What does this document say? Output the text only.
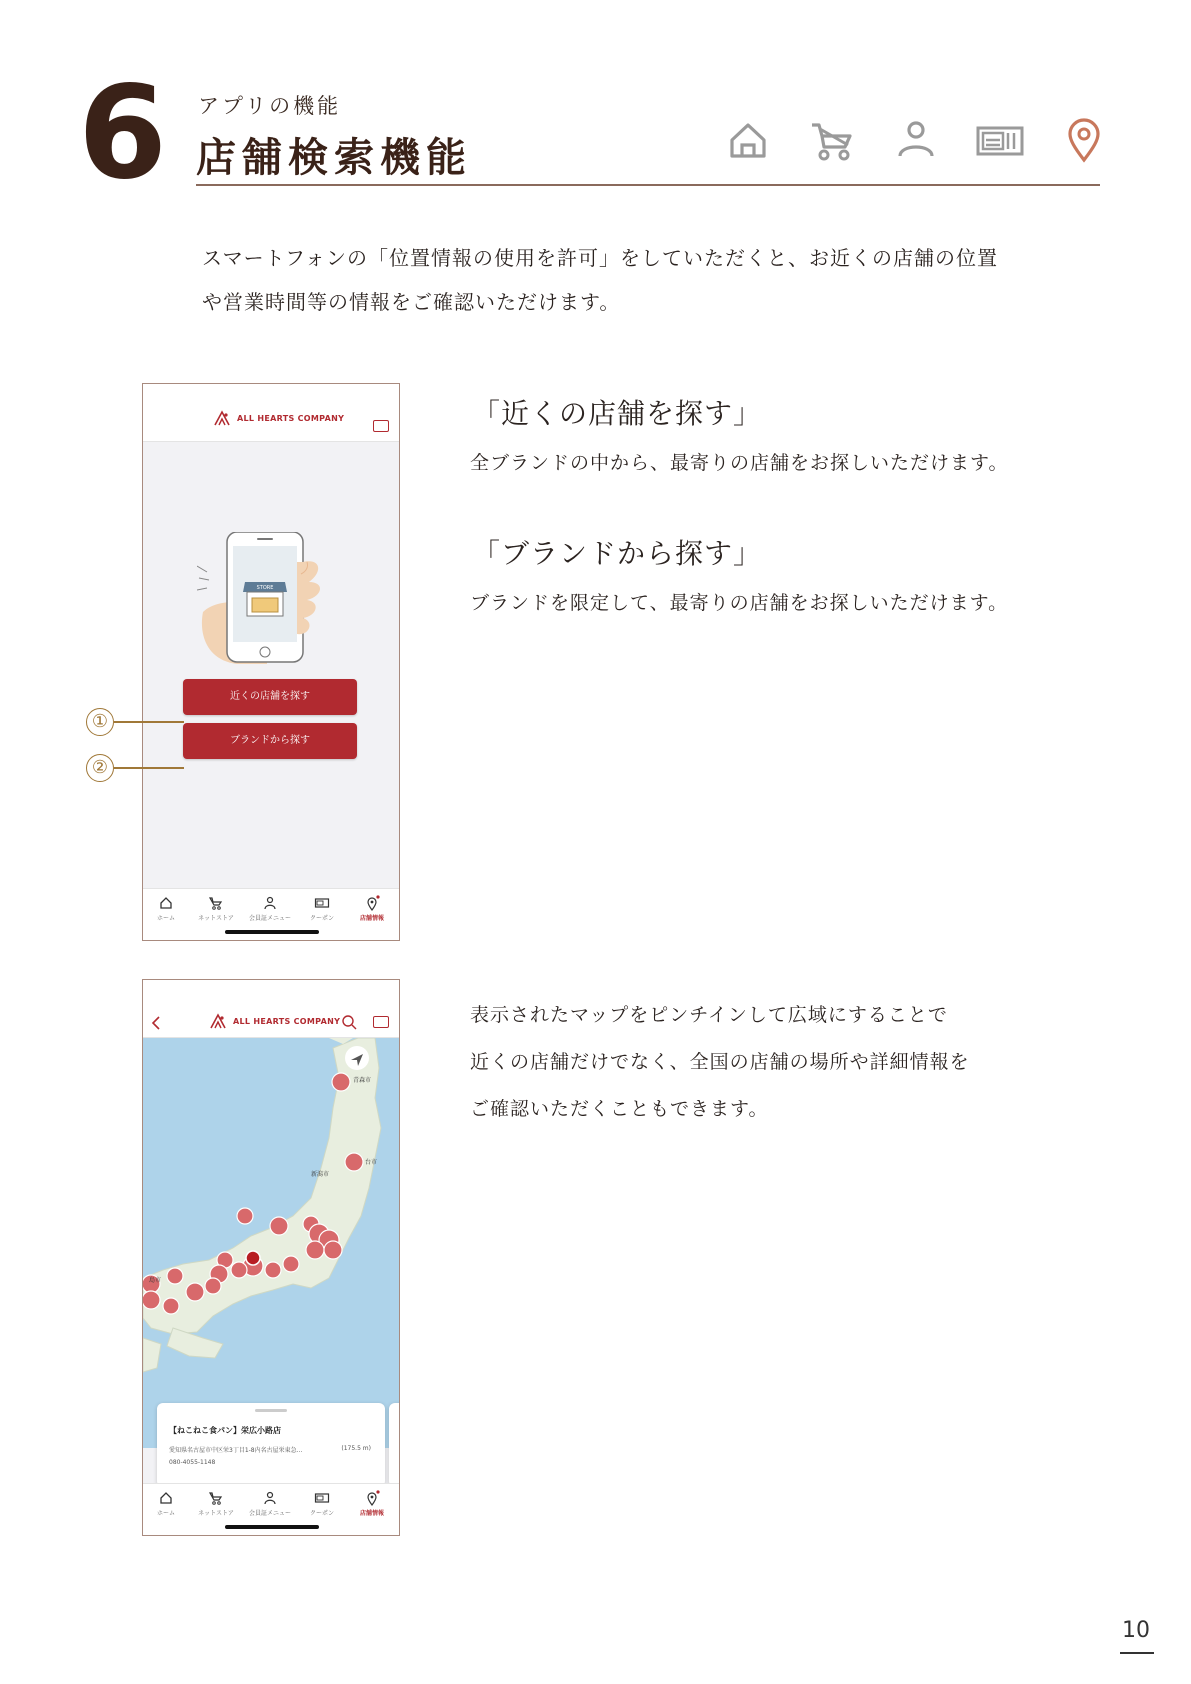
6 アプリの機能
店舗検索機能
スマートフォンの「位置情報の使用を許可」をしていただくと、お近くの店舗の位置
や営業時間等の情報をご確認いただけます。
ALL HEARTS COMPANY
STORE
近くの店舗を探す
ブランドから探す
ホーム	ネットストア	会員証メニュー	クーポン	店舗情報
①
②
「近くの店舗を探す」
全ブランドの中から、最寄りの店舗をお探しいただけます。
「ブランドから探す」
ブランドを限定して、最寄りの店舗をお探しいただけます。
ALL HEARTS COMPANY
青森市
新潟市
台市
島市
【ねこねこ食パン】栄広小路店
愛知県名古屋市中区栄3丁目1-8内名古屋栄東急…	(175.5 m)
080-4055-1148
ホーム	ネットストア	会員証メニュー	クーポン	店舗情報
表示されたマップをピンチインして広域にすることで
近くの店舗だけでなく、全国の店舗の場所や詳細情報を
ご確認いただくこともできます。
10
